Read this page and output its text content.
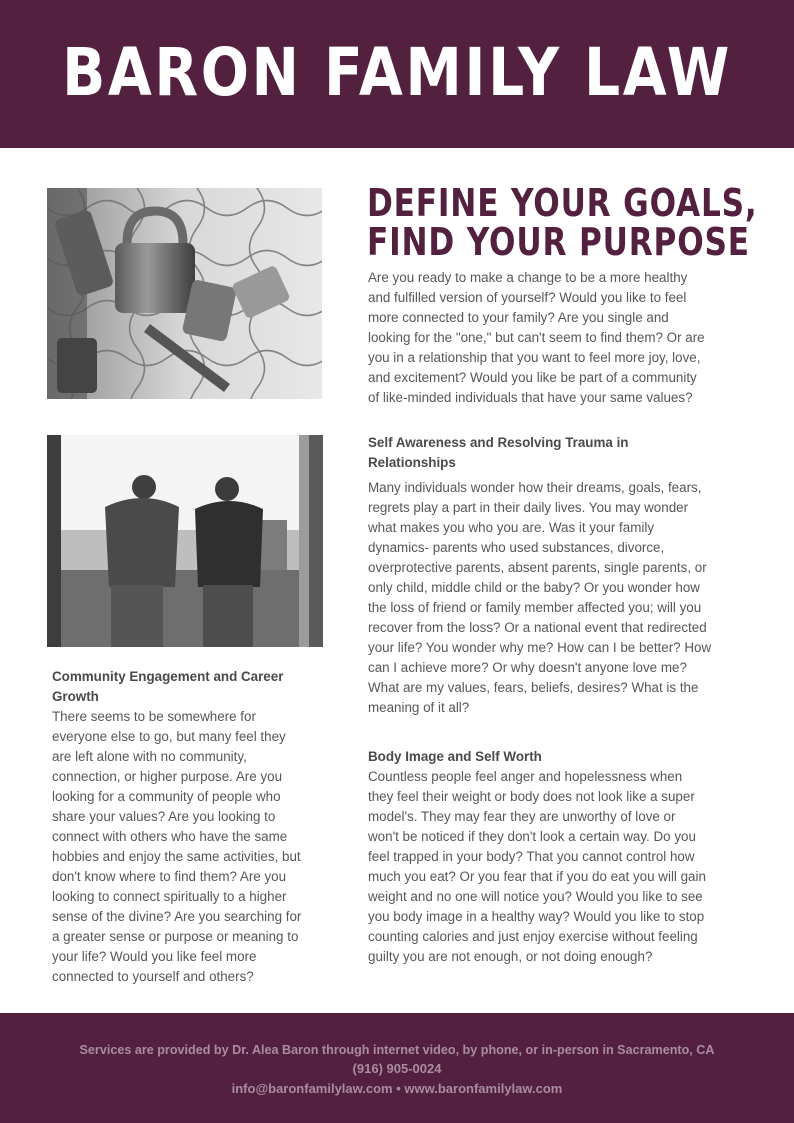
BARON FAMILY LAW
DEFINE YOUR GOALS,
FIND YOUR PURPOSE
Are you ready to make a change to be a more healthy
and fulfilled version of yourself? Would you like to feel
more connected to your family? Are you single and
looking for the "one," but can't seem to find them? Or are
you in a relationship that you want to feel more joy, love,
and excitement? Would you like be part of a community
of like-minded individuals that have your same values?
Self Awareness and Resolving Trauma in
Relationships
Many individuals wonder how their dreams, goals, fears,
regrets play a part in their daily lives. You may wonder
what makes you who you are. Was it your family
dynamics- parents who used substances, divorce,
overprotective parents, absent parents, single parents, or
only child, middle child or the baby? Or you wonder how
the loss of friend or family member affected you; will you
recover from the loss? Or a national event that redirected
your life? You wonder why me? How can I be better? How
can I achieve more? Or why doesn't anyone love me?
What are my values, fears, beliefs, desires? What is the
meaning of it all?
Body Image and Self Worth
Countless people feel anger and hopelessness when
they feel their weight or body does not look like a super
model's. They may fear they are unworthy of love or
won't be noticed if they don't look a certain way. Do you
feel trapped in your body? That you cannot control how
much you eat? Or you fear that if you do eat you will gain
weight and no one will notice you? Would you like to see
you body image in a healthy way? Would you like to stop
counting calories and just enjoy exercise without feeling
guilty you are not enough, or not doing enough?
Community Engagement and Career
Growth
There seems to be somewhere for
everyone else to go, but many feel they
are left alone with no community,
connection, or higher purpose. Are you
looking for a community of people who
share your values? Are you looking to
connect with others who have the same
hobbies and enjoy the same activities, but
don't know where to find them? Are you
looking to connect spiritually to a higher
sense of the divine? Are you searching for
a greater sense or purpose or meaning to
your life? Would you like feel more
connected to yourself and others?
Services are provided by Dr. Alea Baron through internet video, by phone, or in-person in Sacramento, CA
(916) 905-0024
info@baronfamilylaw.com • www.baronfamilylaw.com
